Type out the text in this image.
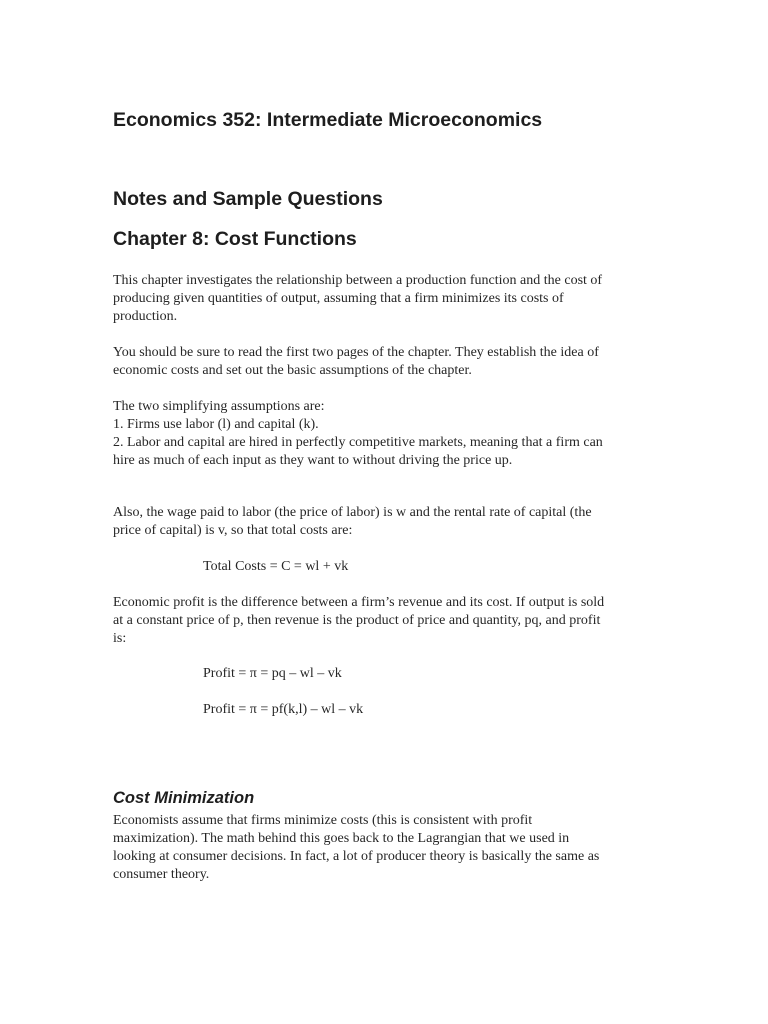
Economics 352: Intermediate Microeconomics
Notes and Sample Questions
Chapter 8: Cost Functions
This chapter investigates the relationship between a production function and the cost of
producing given quantities of output, assuming that a firm minimizes its costs of
production.
You should be sure to read the first two pages of the chapter. They establish the idea of
economic costs and set out the basic assumptions of the chapter.
The two simplifying assumptions are:
1. Firms use labor (l) and capital (k).
2. Labor and capital are hired in perfectly competitive markets, meaning that a firm can
hire as much of each input as they want to without driving the price up.
Also, the wage paid to labor (the price of labor) is w and the rental rate of capital (the
price of capital) is v, so that total costs are:
Total Costs = C = wl + vk
Economic profit is the difference between a firm’s revenue and its cost. If output is sold
at a constant price of p, then revenue is the product of price and quantity, pq, and profit
is:
Profit = π = pq – wl – vk
Profit = π = pf(k,l) – wl – vk
Cost Minimization
Economists assume that firms minimize costs (this is consistent with profit
maximization). The math behind this goes back to the Lagrangian that we used in
looking at consumer decisions. In fact, a lot of producer theory is basically the same as
consumer theory.
